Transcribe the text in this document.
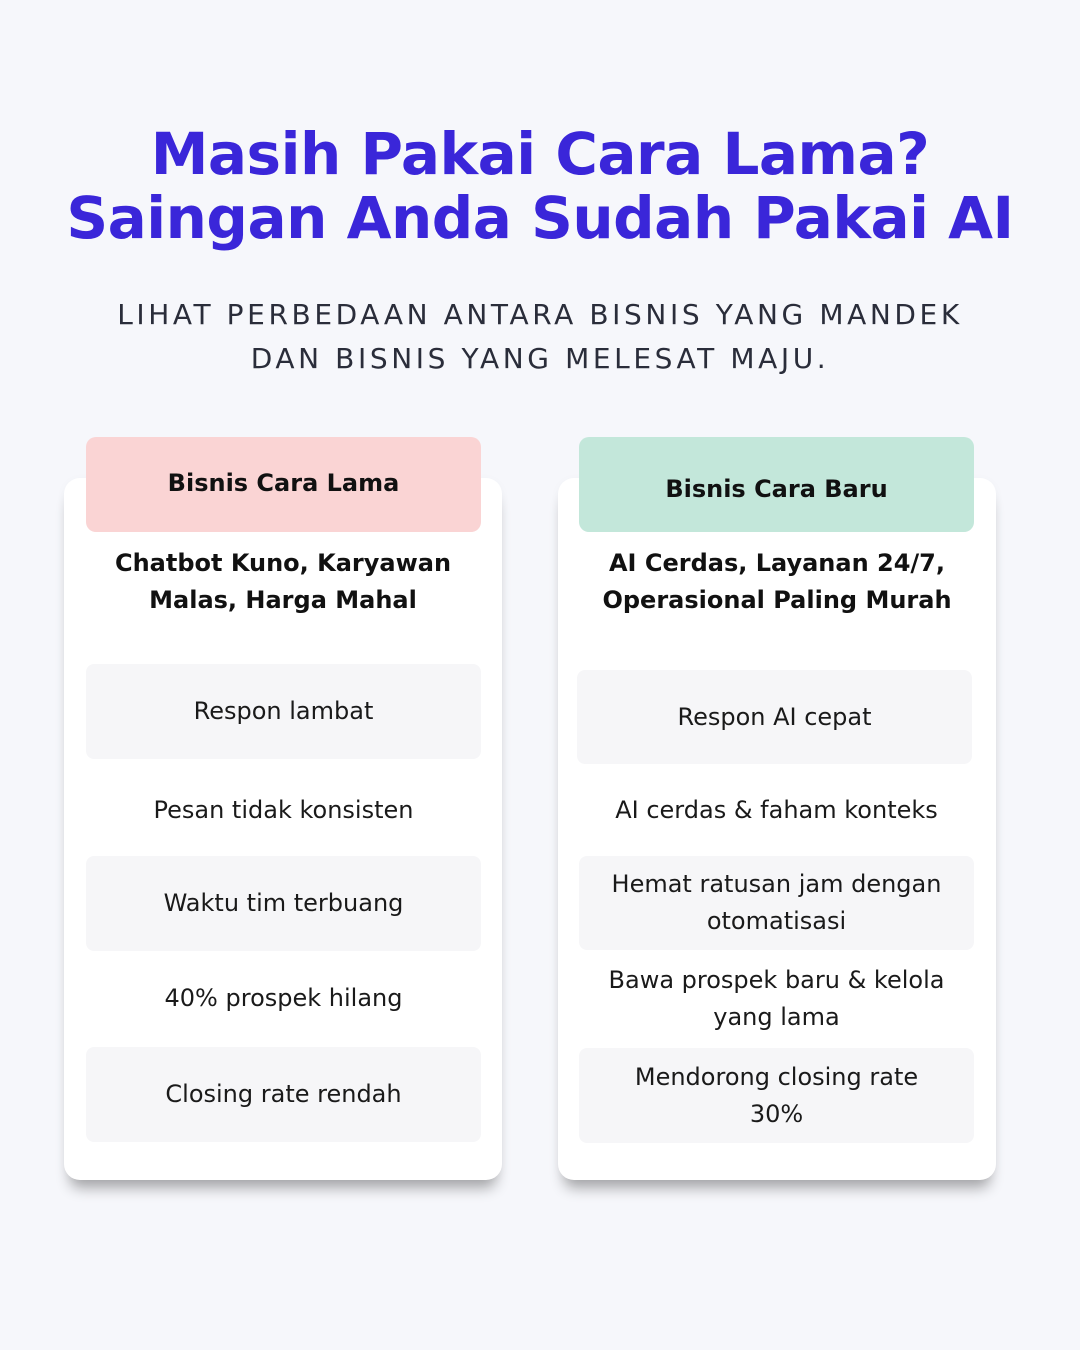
Masih Pakai Cara Lama?
Saingan Anda Sudah Pakai AI
LIHAT PERBEDAAN ANTARA BISNIS YANG MANDEK
DAN BISNIS YANG MELESAT MAJU.
Bisnis Cara Lama
Chatbot Kuno, Karyawan
Malas, Harga Mahal
Respon lambat
Pesan tidak konsisten
Waktu tim terbuang
40% prospek hilang
Closing rate rendah
Bisnis Cara Baru
AI Cerdas, Layanan 24/7,
Operasional Paling Murah
Respon AI cepat
AI cerdas & faham konteks
Hemat ratusan jam dengan
otomatisasi
Bawa prospek baru & kelola
yang lama
Mendorong closing rate
30%
